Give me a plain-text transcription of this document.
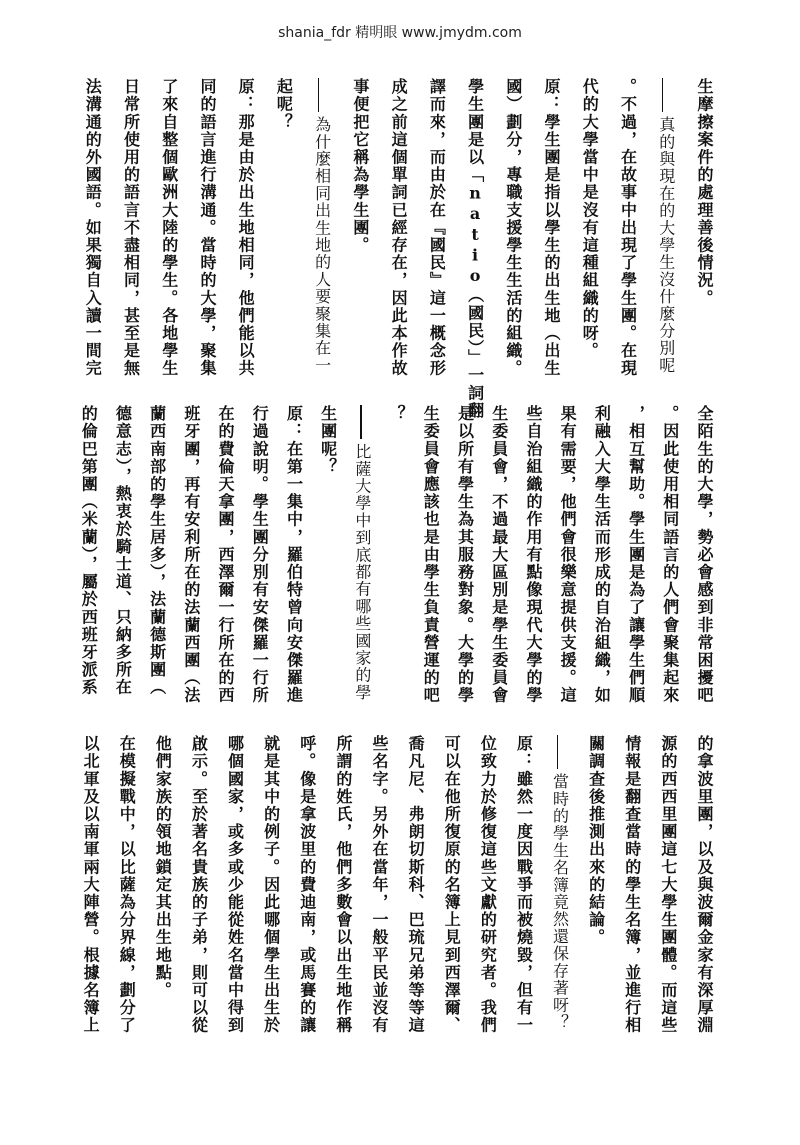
shania_fdr 精明眼 www.jmydm.com
生摩擦案件的處理善後情況。
真的與現在的大學生沒什麼分別呢
。不過，在故事中出現了學生團。在現
代的大學當中是沒有這種組織的呀。
原：學生團是指以學生的出生地（出生
國）劃分，專職支援學生生活的組織。
學生團是以「natio（國民）」一詞翻
譯而來，而由於在『國民』這一概念形
成之前這個單詞已經存在，因此本作故
事便把它稱為學生團。
為什麼相同出生地的人要聚集在一
起呢？
原：那是由於出生地相同，他們能以共
同的語言進行溝通。當時的大學，聚集
了來自整個歐洲大陸的學生。各地學生
日常所使用的語言不盡相同，甚至是無
法溝通的外國語。如果獨自入讀一間完
全陌生的大學，勢必會感到非常困擾吧
。因此使用相同語言的人們會聚集起來
，相互幫助。學生團是為了讓學生們順
利融入大學生活而形成的自治組織，如
果有需要，他們會很樂意提供支援。這
些自治組織的作用有點像現代大學的學
生委員會，不過最大區別是學生委員會
是以所有學生為其服務對象。大學的學
生委員會應該也是由學生負責營運的吧
？
比薩大學中到底都有哪些國家的學
生團呢？
原：在第一集中，羅伯特曾向安傑羅進
行過說明。學生團分別有安傑羅一行所
在的費倫天拿團，西澤爾一行所在的西
班牙團，再有安利所在的法蘭西團（法
蘭西南部的學生居多），法蘭德斯團（
德意志），熱衷於騎士道、只納多所在
的倫巴第團（米蘭），屬於西班牙派系
的拿波里團，以及與波爾金家有深厚淵
源的西西里團這七大學生團體。而這些
情報是翻查當時的學生名簿，並進行相
關調查後推測出來的結論。
當時的學生名簿竟然還保存著呀？
原：雖然一度因戰爭而被燒毀，但有一
位致力於修復這些文獻的研究者。我們
可以在他所復原的名簿上見到西澤爾、
喬凡尼、弗朗切斯科、巴琉兄弟等等這
些名字。另外在當年，一般平民並沒有
所謂的姓氏，他們多數會以出生地作稱
呼。像是拿波里的費迪南，或馬賽的讓
就是其中的例子。因此哪個學生出生於
哪個國家，或多或少能從姓名當中得到
啟示。至於著名貴族的子弟，則可以從
他們家族的領地鎖定其出生地點。
在模擬戰中，以比薩為分界線，劃分了
以北軍及以南軍兩大陣營。根據名簿上
